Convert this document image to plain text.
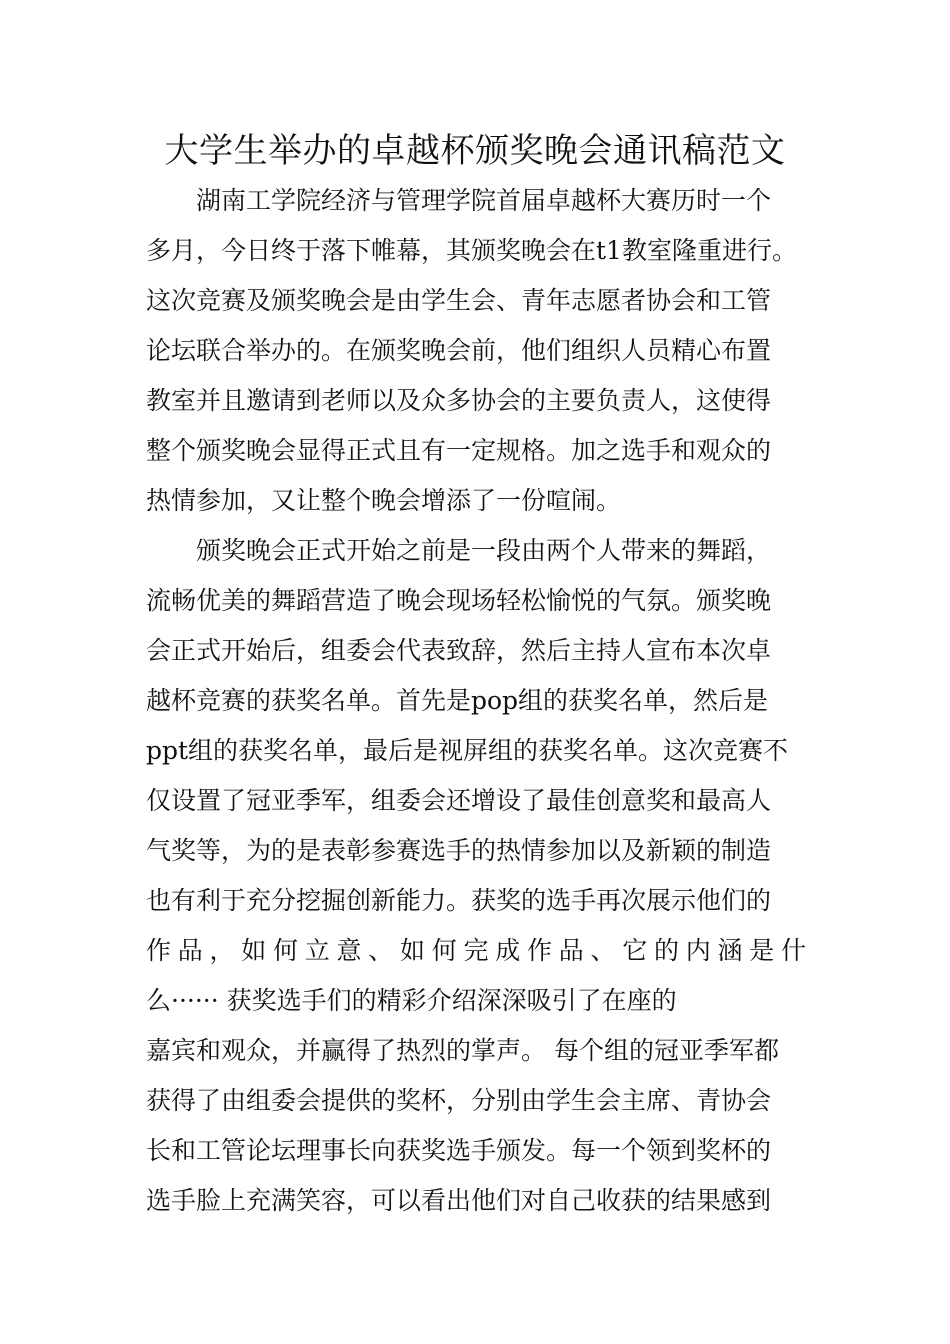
大学生举办的卓越杯颁奖晚会通讯稿范文
湖南工学院经济与管理学院首届卓越杯大赛历时一个
多月，今日终于落下帷幕，其颁奖晚会在t1教室隆重进行。
这次竞赛及颁奖晚会是由学生会、青年志愿者协会和工管
论坛联合举办的。在颁奖晚会前，他们组织人员精心布置
教室并且邀请到老师以及众多协会的主要负责人，这使得
整个颁奖晚会显得正式且有一定规格。加之选手和观众的
热情参加，又让整个晚会增添了一份喧闹。
颁奖晚会正式开始之前是一段由两个人带来的舞蹈，
流畅优美的舞蹈营造了晚会现场轻松愉悦的气氛。颁奖晚
会正式开始后，组委会代表致辞，然后主持人宣布本次卓
越杯竞赛的获奖名单。首先是pop组的获奖名单，然后是
ppt组的获奖名单，最后是视屏组的获奖名单。这次竞赛不
仅设置了冠亚季军，组委会还增设了最佳创意奖和最高人
气奖等，为的是表彰参赛选手的热情参加以及新颖的制造
也有利于充分挖掘创新能力。获奖的选手再次展示他们的
作品，如何立意、如何完成作品、它的内涵是什
么······ 获奖选手们的精彩介绍深深吸引了在座的
嘉宾和观众，并赢得了热烈的掌声。 每个组的冠亚季军都
获得了由组委会提供的奖杯，分别由学生会主席、青协会
长和工管论坛理事长向获奖选手颁发。每一个领到奖杯的
选手脸上充满笑容，可以看出他们对自己收获的结果感到
